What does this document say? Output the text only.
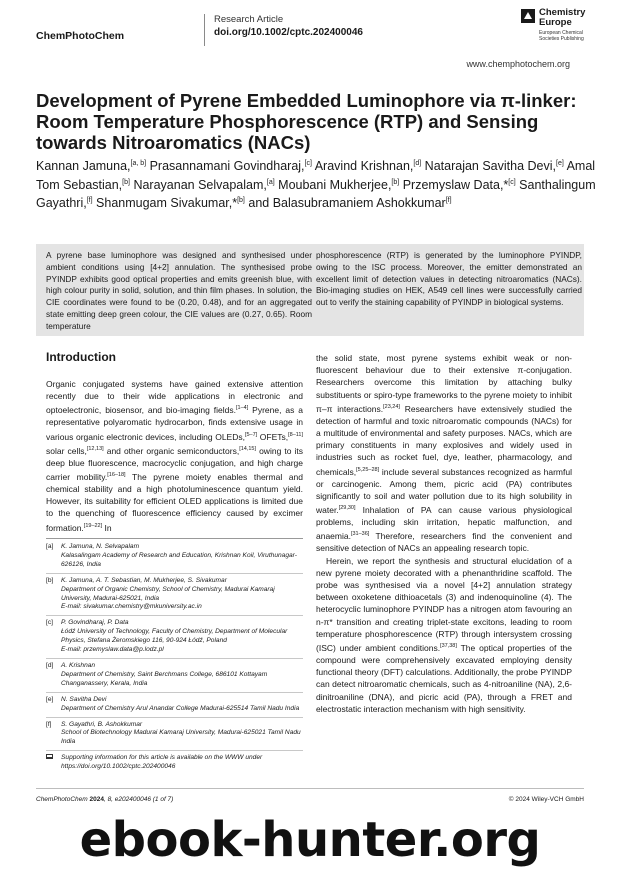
ChemPhotoChem
Research Article
doi.org/10.1002/cptc.202400046
Chemistry
Europe
European Chemical
Societies Publishing
www.chemphotochem.org
Development of Pyrene Embedded Luminophore via π-linker: Room Temperature Phosphorescence (RTP) and Sensing towards Nitroaromatics (NACs)
Kannan Jamuna,[a, b] Prasannamani Govindharaj,[c] Aravind Krishnan,[d] Natarajan Savitha Devi,[e] Amal Tom Sebastian,[b] Narayanan Selvapalam,[a] Moubani Mukherjee,[b] Przemyslaw Data,*[c] Santhalingum Gayathri,[f] Shanmugam Sivakumar,*[b] and Balasubramaniem Ashokkumar[f]
A pyrene base luminophore was designed and synthesised under ambient conditions using [4+2] annulation. The synthesised probe PYINDP exhibits good optical properties and emits greenish blue, with high colour purity in solid, solution, and thin film phases. In solution, the CIE coordinates were found to be (0.20, 0.48), and for an aggregated state emitting deep green colour, the CIE values are (0.27, 0.65). Room temperature
phosphorescence (RTP) is generated by the luminophore PYINDP, owing to the ISC process. Moreover, the emitter demonstrated an excellent limit of detection values in detecting nitroaromatics (NACs). Bio-imaging studies on HEK, A549 cell lines were successfully carried out to verify the staining capability of PYINDP in biological systems.
Introduction

Organic conjugated systems have gained extensive attention recently due to their wide applications in electronic and optoelectronic, biosensor, and bio-imaging fields.[1–4] Pyrene, as a representative polyaromatic hydrocarbon, finds extensive usage in various organic electronic devices, including OLEDs,[5–7] OFETs,[8–11] solar cells,[12,13] and other organic semiconductors,[14,15] owing to its deep blue fluorescence, macrocyclic conjugation, and high charge carrier mobility.[16–18] The pyrene moiety enables thermal and chemical stability and a high photoluminescence quantum yield. However, its suitability for efficient OLED applications is limited due to the quenching of fluorescence efficiency caused by excimer formation.[19–22] In

the solid state, most pyrene systems exhibit weak or non-fluorescent behaviour due to their extensive π-conjugation. Researchers overcome this limitation by attaching bulky substituents or spiro-type frameworks to the pyrene moiety to inhibit π–π interactions.[23,24] Researchers have extensively studied the detection of harmful and toxic nitroaromatic compounds (NACs) for a multitude of environmental and safety purposes. NACs, which are primary constituents in many explosives and widely used in industries such as rocket fuel, dye, leather, pharmacology, and chemicals,[5,25–28] include several substances recognized as harmful or carcinogenic. Among them, picric acid (PA) contributes significantly to soil and water pollution due to its high solubility in water.[29,30] Inhalation of PA can cause various physiological problems, including skin irritation, hepatic malfunction, and anaemia.[31–36] Therefore, researchers find the convenient and sensitive detection of NACs an appealing research topic.

Herein, we report the synthesis and structural elucidation of a new pyrene moiety decorated with a phenanthridine scaffold. The probe was synthesised via a novel [4+2] annulation strategy between oxoketene dithioacetals (3) and indenoquinoline (4). The heterocyclic luminophore PYINDP has a nitrogen atom favouring an n-π* transition and creating triplet-state excitons, leading to room temperature phosphorescence (RTP) through intersystem crossing (ISC) under ambient conditions.[37,38] The optical properties of the compound were comprehensively excavated employing density functional theory (DFT) calculations. Additionally, the probe PYINDP can detect nitroaromatic chemicals, such as 4-nitroaniline (NA), 2,6-dinitroaniline (DNA), and picric acid (PA), through a FRET and electrostatic interaction mechanism with high sensitivity.

[a] K. Jamuna, N. Selvapalam
Kalasalingam Academy of Research and Education, Krishnan Koil, Viruthunagar-626126, India
[b] K. Jamuna, A. T. Sebastian, M. Mukherjee, S. Sivakumar
Department of Organic Chemistry, School of Chemistry, Madurai Kamaraj University, Madurai-625021, India
E-mail: sivakumar.chemistry@mkuniversity.ac.in
[c] P. Govindharaj, P. Data
Łódź University of Technology, Faculty of Chemistry, Department of Molecular Physics, Stefana Żeromskiego 116, 90-924 Łódź, Poland
E-mail: przemyslaw.data@p.lodz.pl
[d] A. Krishnan
Department of Chemistry, Saint Berchmans College, 686101 Kottayam Changanassery, Kerala, India
[e] N. Savitha Devi
Department of Chemistry Arul Anandar College Madurai-625514 Tamil Nadu India
[f] S. Gayathri, B. Ashokkumar
School of Biotechnology Madurai Kamaraj University, Madurai-625021 Tamil Nadu India
Supporting information for this article is available on the WWW under https://doi.org/10.1002/cptc.202400046
ChemPhotoChem 2024, 8, e202400046 (1 of 7)	© 2024 Wiley-VCH GmbH
ebook-hunter.org
